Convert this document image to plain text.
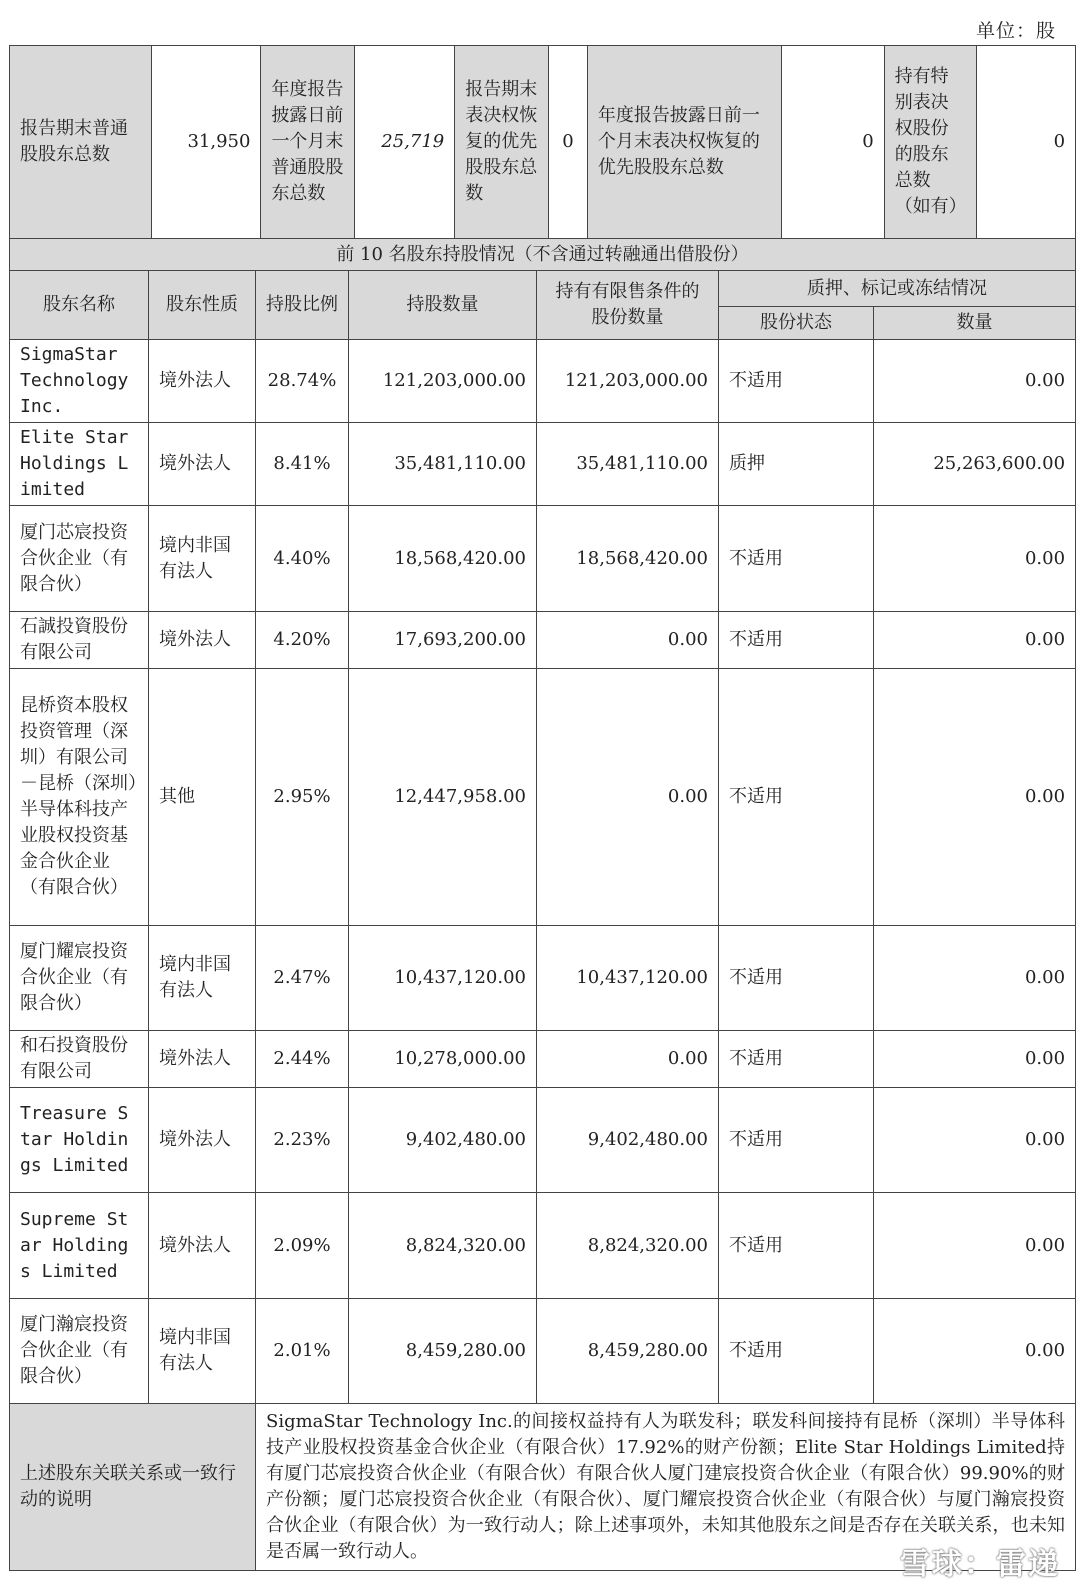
单位：股
报告期末普通股股东总数	31,950	年度报告披露日前一个月末普通股股东总数	25,719	报告期末表决权恢复的优先股股东总数	0	年度报告披露日前一个月末表决权恢复的优先股股东总数	0	持有特别表决权股份的股东总数（如有）	0

前 10 名股东持股情况（不含通过转融通出借股份）
股东名称	股东性质	持股比例	持股数量	持有有限售条件的股份数量	质押、标记或冻结情况
股份状态	数量
SigmaStar Technology Inc.	境外法人	28.74%	121,203,000.00	121,203,000.00	不适用	0.00
Elite Star Holdings Limited	境外法人	8.41%	35,481,110.00	35,481,110.00	质押	25,263,600.00
厦门芯宸投资合伙企业（有限合伙）	境内非国有法人	4.40%	18,568,420.00	18,568,420.00	不适用	0.00
石誠投資股份有限公司	境外法人	4.20%	17,693,200.00	0.00	不适用	0.00
昆桥资本股权投资管理（深圳）有限公司－昆桥（深圳）半导体科技产业股权投资基金合伙企业（有限合伙）	其他	2.95%	12,447,958.00	0.00	不适用	0.00
厦门耀宸投资合伙企业（有限合伙）	境内非国有法人	2.47%	10,437,120.00	10,437,120.00	不适用	0.00
和石投資股份有限公司	境外法人	2.44%	10,278,000.00	0.00	不适用	0.00
Treasure Star Holdings Limited	境外法人	2.23%	9,402,480.00	9,402,480.00	不适用	0.00
Supreme Star Holdings Limited	境外法人	2.09%	8,824,320.00	8,824,320.00	不适用	0.00
厦门瀚宸投资合伙企业（有限合伙）	境内非国有法人	2.01%	8,459,280.00	8,459,280.00	不适用	0.00
上述股东关联关系或一致行动的说明	SigmaStar Technology Inc.的间接权益持有人为联发科；联发科间接持有昆桥（深圳）半导体科技产业股权投资基金合伙企业（有限合伙）17.92%的财产份额；Elite Star Holdings Limited持有厦门芯宸投资合伙企业（有限合伙）有限合伙人厦门建宸投资合伙企业（有限合伙）99.90%的财产份额；厦门芯宸投资合伙企业（有限合伙）、厦门耀宸投资合伙企业（有限合伙）与厦门瀚宸投资合伙企业（有限合伙）为一致行动人；除上述事项外，未知其他股东之间是否存在关联关系，也未知是否属一致行动人。	雪球：雷递
